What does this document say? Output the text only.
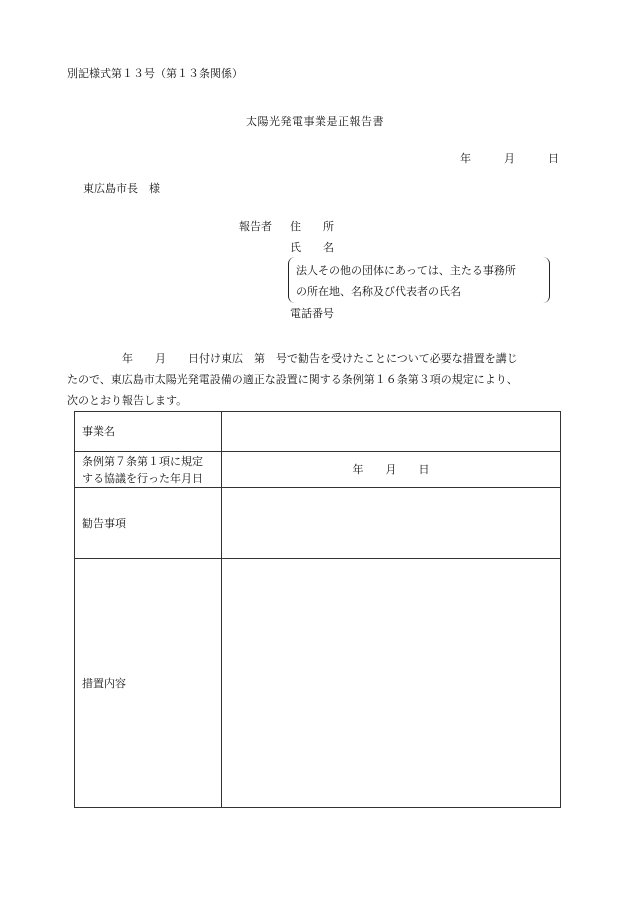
別記様式第１３号（第１３条関係）
太陽光発電事業是正報告書
年	月	日
東広島市長　様
報告者 住　　所
氏　　名
法人その他の団体にあっては、主たる事務所
の所在地、名称及び代表者の氏名
電話番号

　　　　　年　　月　　日付け東広　第　号で勧告を受けたことについて必要な措置を講じ

たので、東広島市太陽光発電設備の適正な設置に関する条例第１６条第３項の規定により、

次のとおり報告します。

事業名	

条例第７条第１項に規定
する協議を行った年月日	年　　月　　日
勧告事項	
措置内容	
